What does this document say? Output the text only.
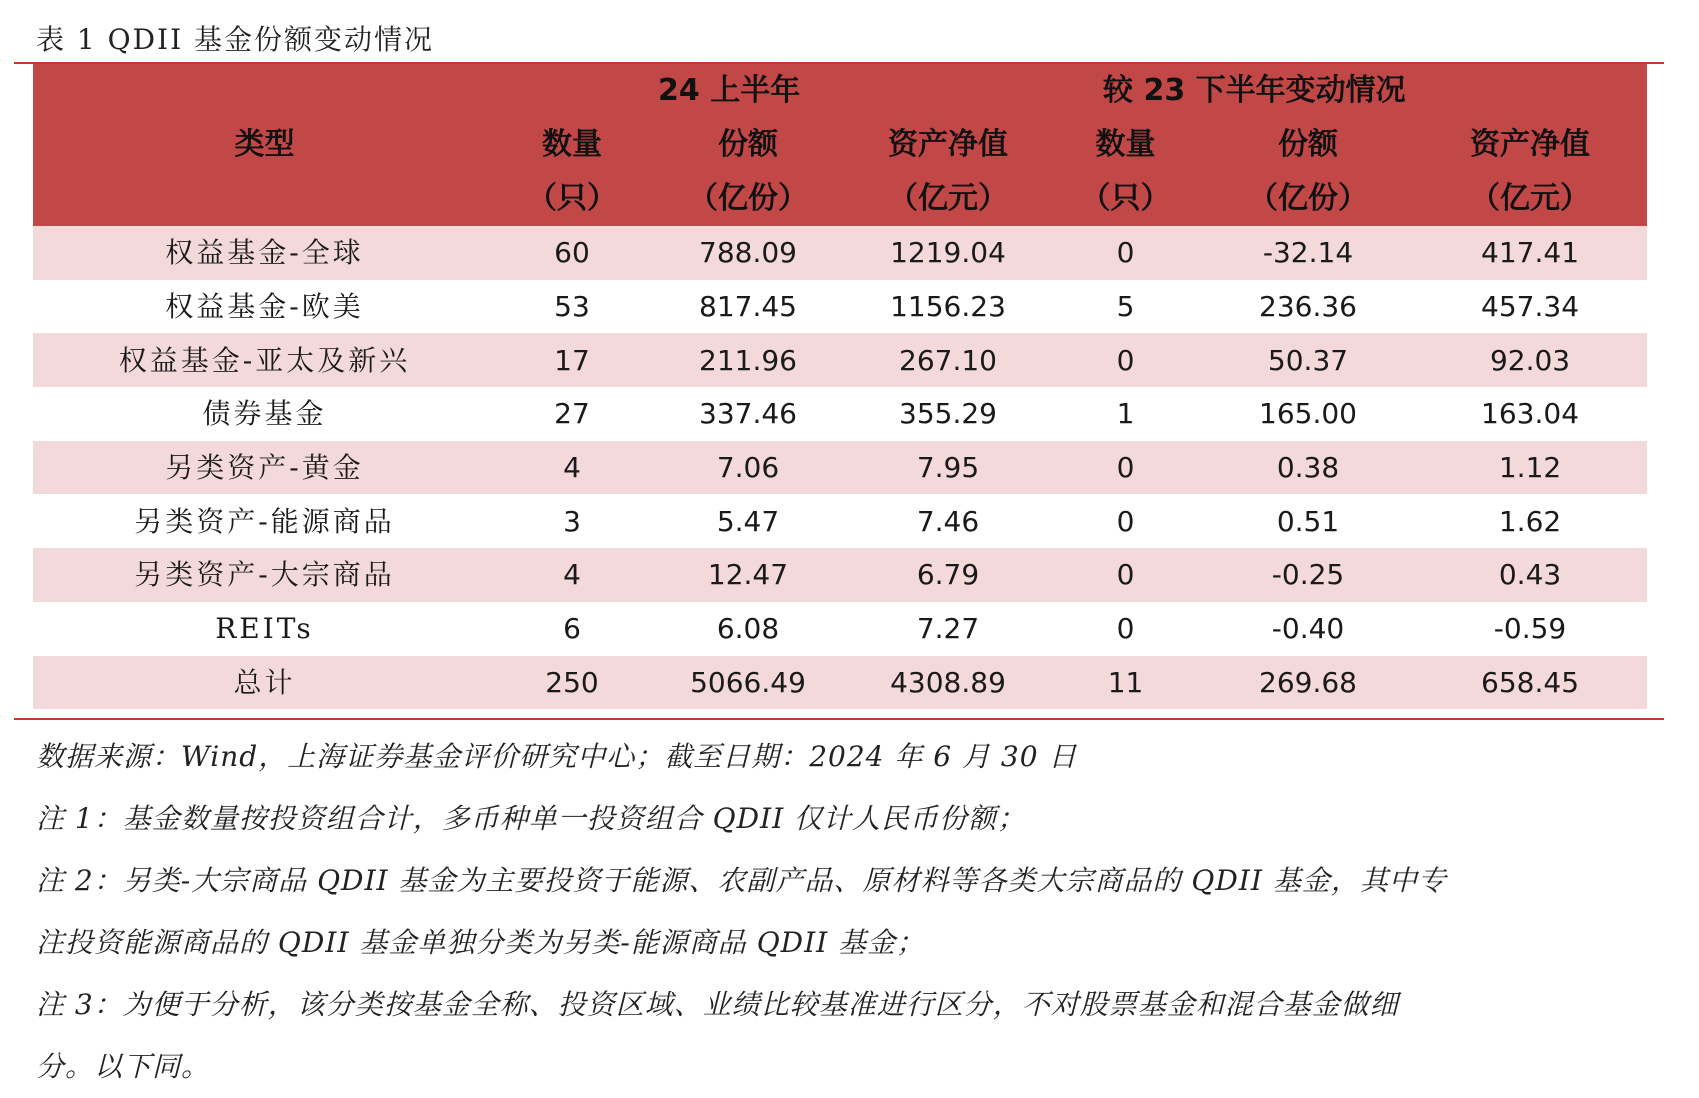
表 1 QDII 基金份额变动情况
类型		24 上半年		较 23 下半年变动情况		
	数量	份额	资产净值	数量	份额	资产净值
	（只）	（亿份）	（亿元）	（只）	（亿份）	（亿元）
权益基金-全球	60	788.09	1219.04	0	-32.14	417.41
权益基金-欧美	53	817.45	1156.23	5	236.36	457.34
权益基金-亚太及新兴	17	211.96	267.10	0	50.37	92.03
债券基金	27	337.46	355.29	1	165.00	163.04
另类资产-黄金	4	7.06	7.95	0	0.38	1.12
另类资产-能源商品	3	5.47	7.46	0	0.51	1.62
另类资产-大宗商品	4	12.47	6.79	0	-0.25	0.43
REITs	6	6.08	7.27	0	-0.40	-0.59
总计	250	5066.49	4308.89	11	269.68	658.45

数据来源：Wind，上海证券基金评价研究中心；截至日期：2024 年 6 月 30 日

注 1：基金数量按投资组合计，多币种单一投资组合 QDII 仅计人民币份额；

注 2：另类-大宗商品 QDII 基金为主要投资于能源、农副产品、原材料等各类大宗商品的 QDII 基金，其中专

注投资能源商品的 QDII 基金单独分类为另类-能源商品 QDII 基金；

注 3：为便于分析，该分类按基金全称、投资区域、业绩比较基准进行区分，不对股票基金和混合基金做细

分。以下同。
